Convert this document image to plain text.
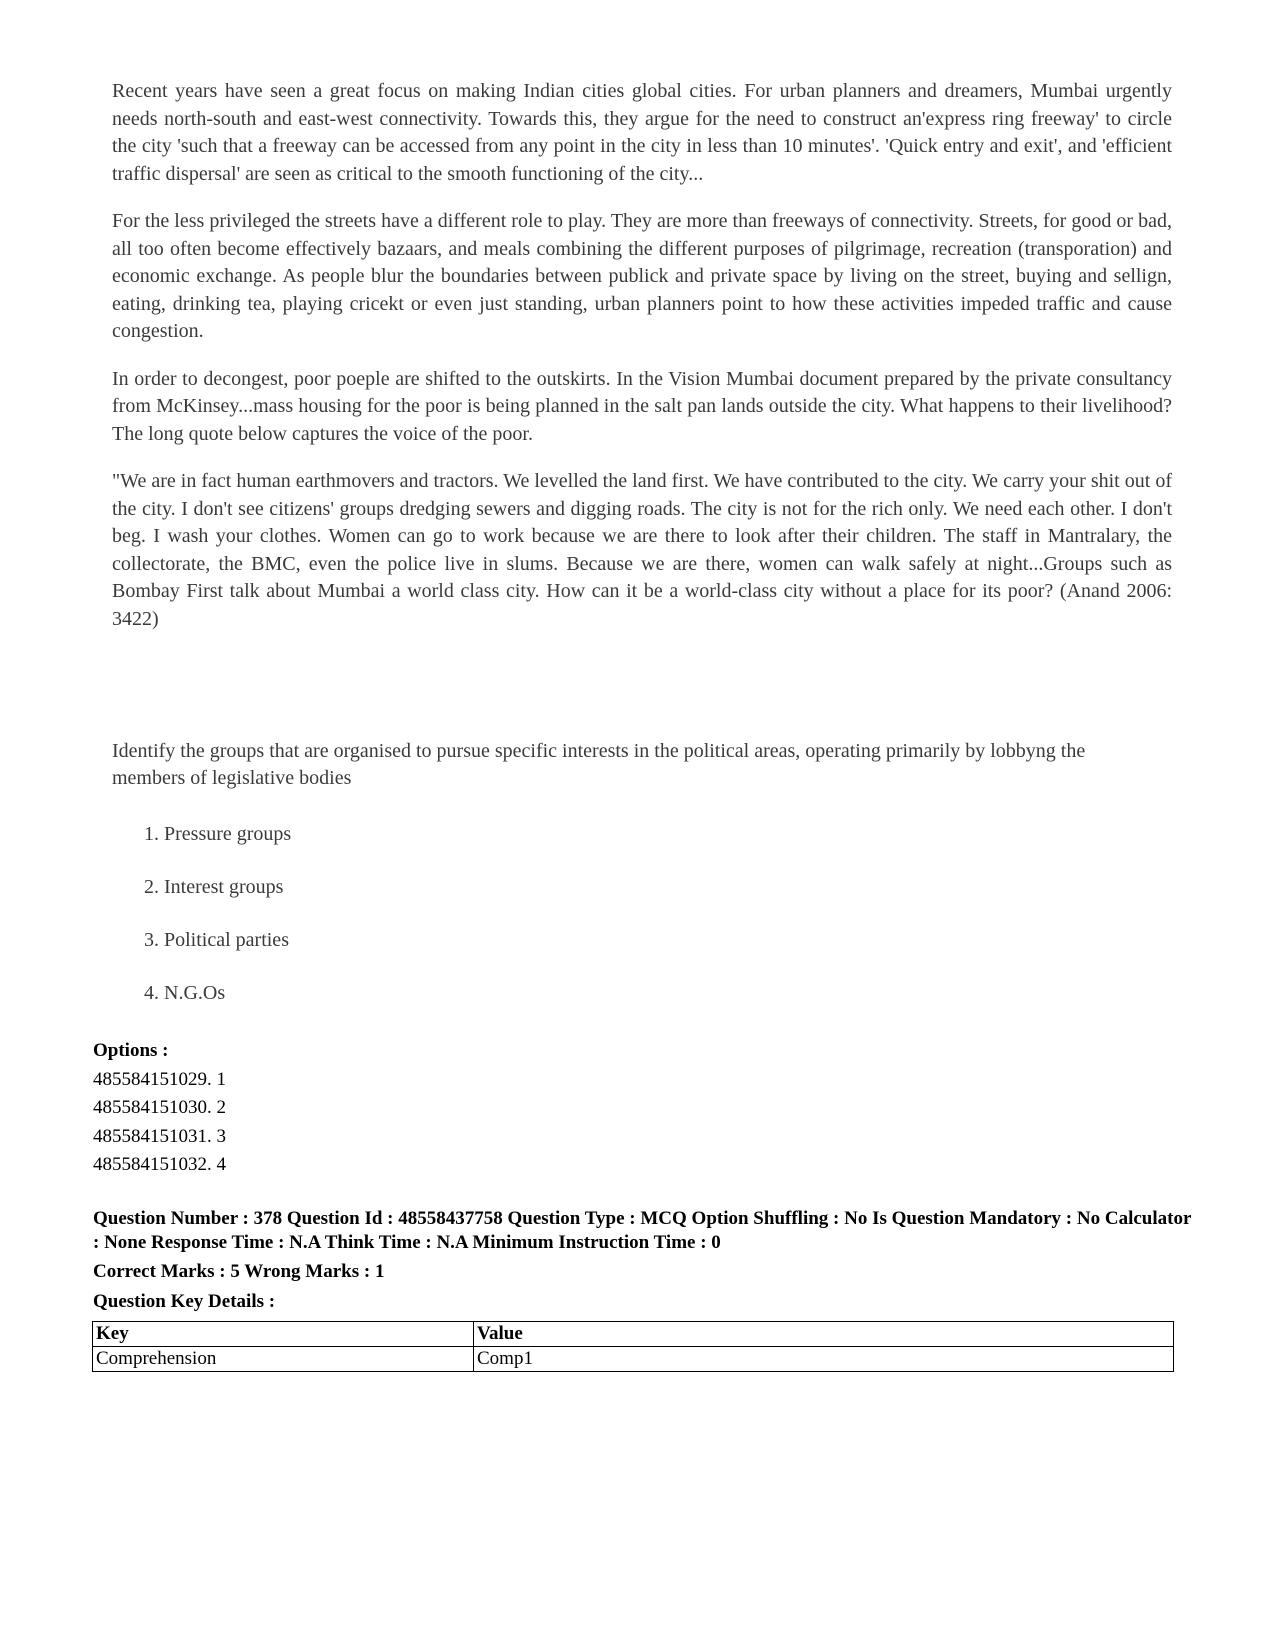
Recent years have seen a great focus on making Indian cities global cities. For urban planners and dreamers, Mumbai urgently needs north-south and east-west connectivity. Towards this, they argue for the need to construct an'express ring freeway' to circle the city 'such that a freeway can be accessed from any point in the city in less than 10 minutes'. 'Quick entry and exit', and 'efficient traffic dispersal' are seen as critical to the smooth functioning of the city...

For the less privileged the streets have a different role to play. They are more than freeways of connectivity. Streets, for good or bad, all too often become effectively bazaars, and meals combining the different purposes of pilgrimage, recreation (transporation) and economic exchange. As people blur the boundaries between publick and private space by living on the street, buying and sellign, eating, drinking tea, playing cricekt or even just standing, urban planners point to how these activities impeded traffic and cause congestion.

In order to decongest, poor poeple are shifted to the outskirts. In the Vision Mumbai document prepared by the private consultancy from McKinsey...mass housing for the poor is being planned in the salt pan lands outside the city. What happens to their livelihood? The long quote below captures the voice of the poor.

"We are in fact human earthmovers and tractors. We levelled the land first. We have contributed to the city. We carry your shit out of the city. I don't see citizens' groups dredging sewers and digging roads. The city is not for the rich only. We need each other. I don't beg. I wash your clothes. Women can go to work because we are there to look after their children. The staff in Mantralary, the collectorate, the BMC, even the police live in slums. Because we are there, women can walk safely at night...Groups such as Bombay First talk about Mumbai a world class city. How can it be a world-class city without a place for its poor? (Anand 2006: 3422)

Identify the groups that are organised to pursue specific interests in the political areas, operating primarily by lobbyng the members of legislative bodies

1. Pressure groups
2. Interest groups
3. Political parties
4. N.G.Os
Options :
485584151029. 1
485584151030. 2
485584151031. 3
485584151032. 4
Question Number : 378 Question Id : 48558437758 Question Type : MCQ Option Shuffling : No Is Question Mandatory : No Calculator : None Response Time : N.A Think Time : N.A Minimum Instruction Time : 0
Correct Marks : 5 Wrong Marks : 1
Question Key Details :
Key	Value
Comprehension	Comp1
